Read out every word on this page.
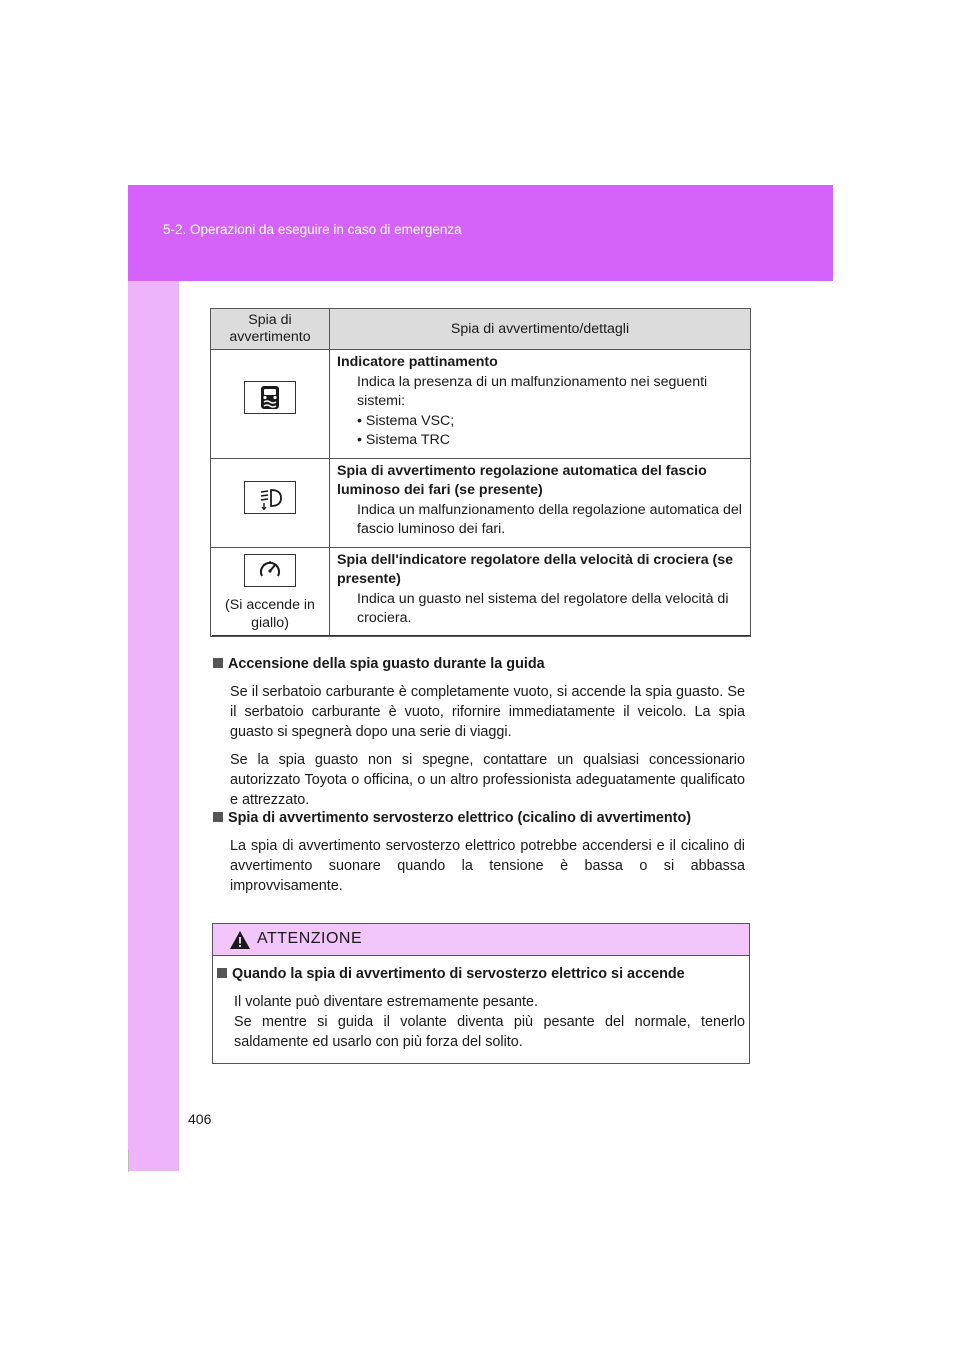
5-2. Operazioni da eseguire in caso di emergenza
Spia di avvertimento	Spia di avvertimento/dettagli

Indicatore pattinamento
Indica la presenza di un malfunzionamento nei seguenti sistemi:
• Sistema VSC;
• Sistema TRC

Spia di avvertimento regolazione automatica del fascio luminoso dei fari (se presente)
Indica un malfunzionamento della regolazione automatica del fascio luminoso dei fari.

(Si accende in giallo)	Spia dell'indicatore regolatore della velocità di crociera (se presente)
Indica un guasto nel sistema del regolatore della velocità di crociera.
Accensione della spia guasto durante la guida
Se il serbatoio carburante è completamente vuoto, si accende la spia guasto. Se il serbatoio carburante è vuoto, rifornire immediatamente il veicolo. La spia guasto si spegnerà dopo una serie di viaggi.
Se la spia guasto non si spegne, contattare un qualsiasi concessionario autorizzato Toyota o officina, o un altro professionista adeguatamente qualificato e attrezzato.
Spia di avvertimento servosterzo elettrico (cicalino di avvertimento)
La spia di avvertimento servosterzo elettrico potrebbe accendersi e il cicalino di avvertimento suonare quando la tensione è bassa o si abbassa improvvisamente.
ATTENZIONE
Quando la spia di avvertimento di servosterzo elettrico si accende
Il volante può diventare estremamente pesante.
Se mentre si guida il volante diventa più pesante del normale, tenerlo saldamente ed usarlo con più forza del solito.
406
